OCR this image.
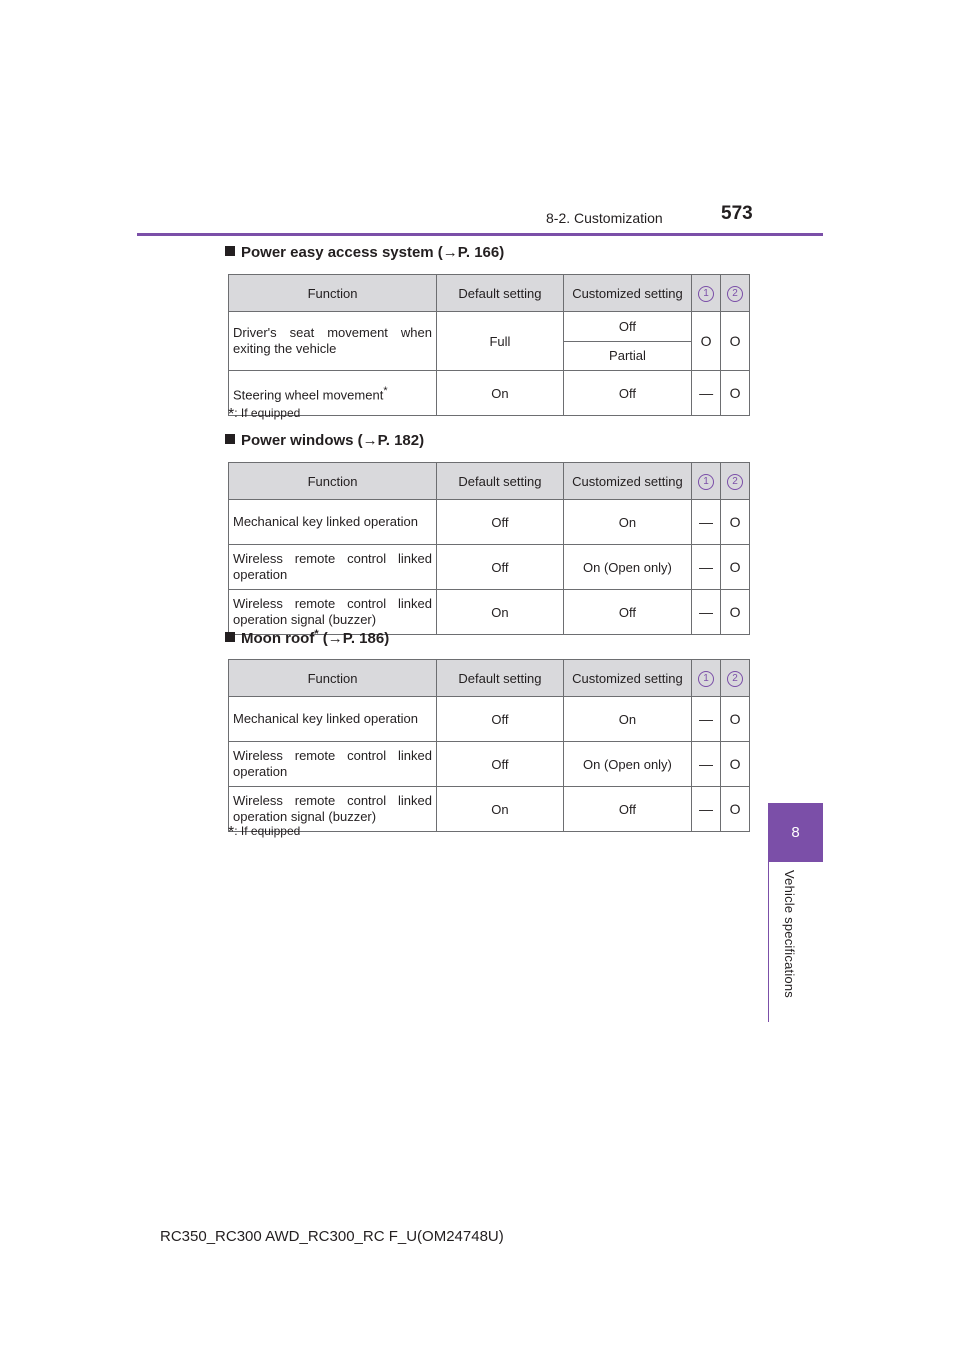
8-2. Customization	573
8
Vehicle specifications
Power easy access system (→P. 166)
Function	Default setting	Customized setting	1	2
Driver's seat movement when exiting the vehicle	Full	Off	O	O
		Partial		
Steering wheel movement*	On	Off	—	O
*: If equipped
Power windows (→P. 182)
Function	Default setting	Customized setting	1	2
Mechanical key linked operation	Off	On	—	O
Wireless remote control linked operation	Off	On (Open only)	—	O
Wireless remote control linked operation signal (buzzer)	On	Off	—	O
Moon roof* (→P. 186)
Function	Default setting	Customized setting	1	2
Mechanical key linked operation	Off	On	—	O
Wireless remote control linked operation	Off	On (Open only)	—	O
Wireless remote control linked operation signal (buzzer)	On	Off	—	O
*: If equipped
RC350_RC300 AWD_RC300_RC F_U(OM24748U)
